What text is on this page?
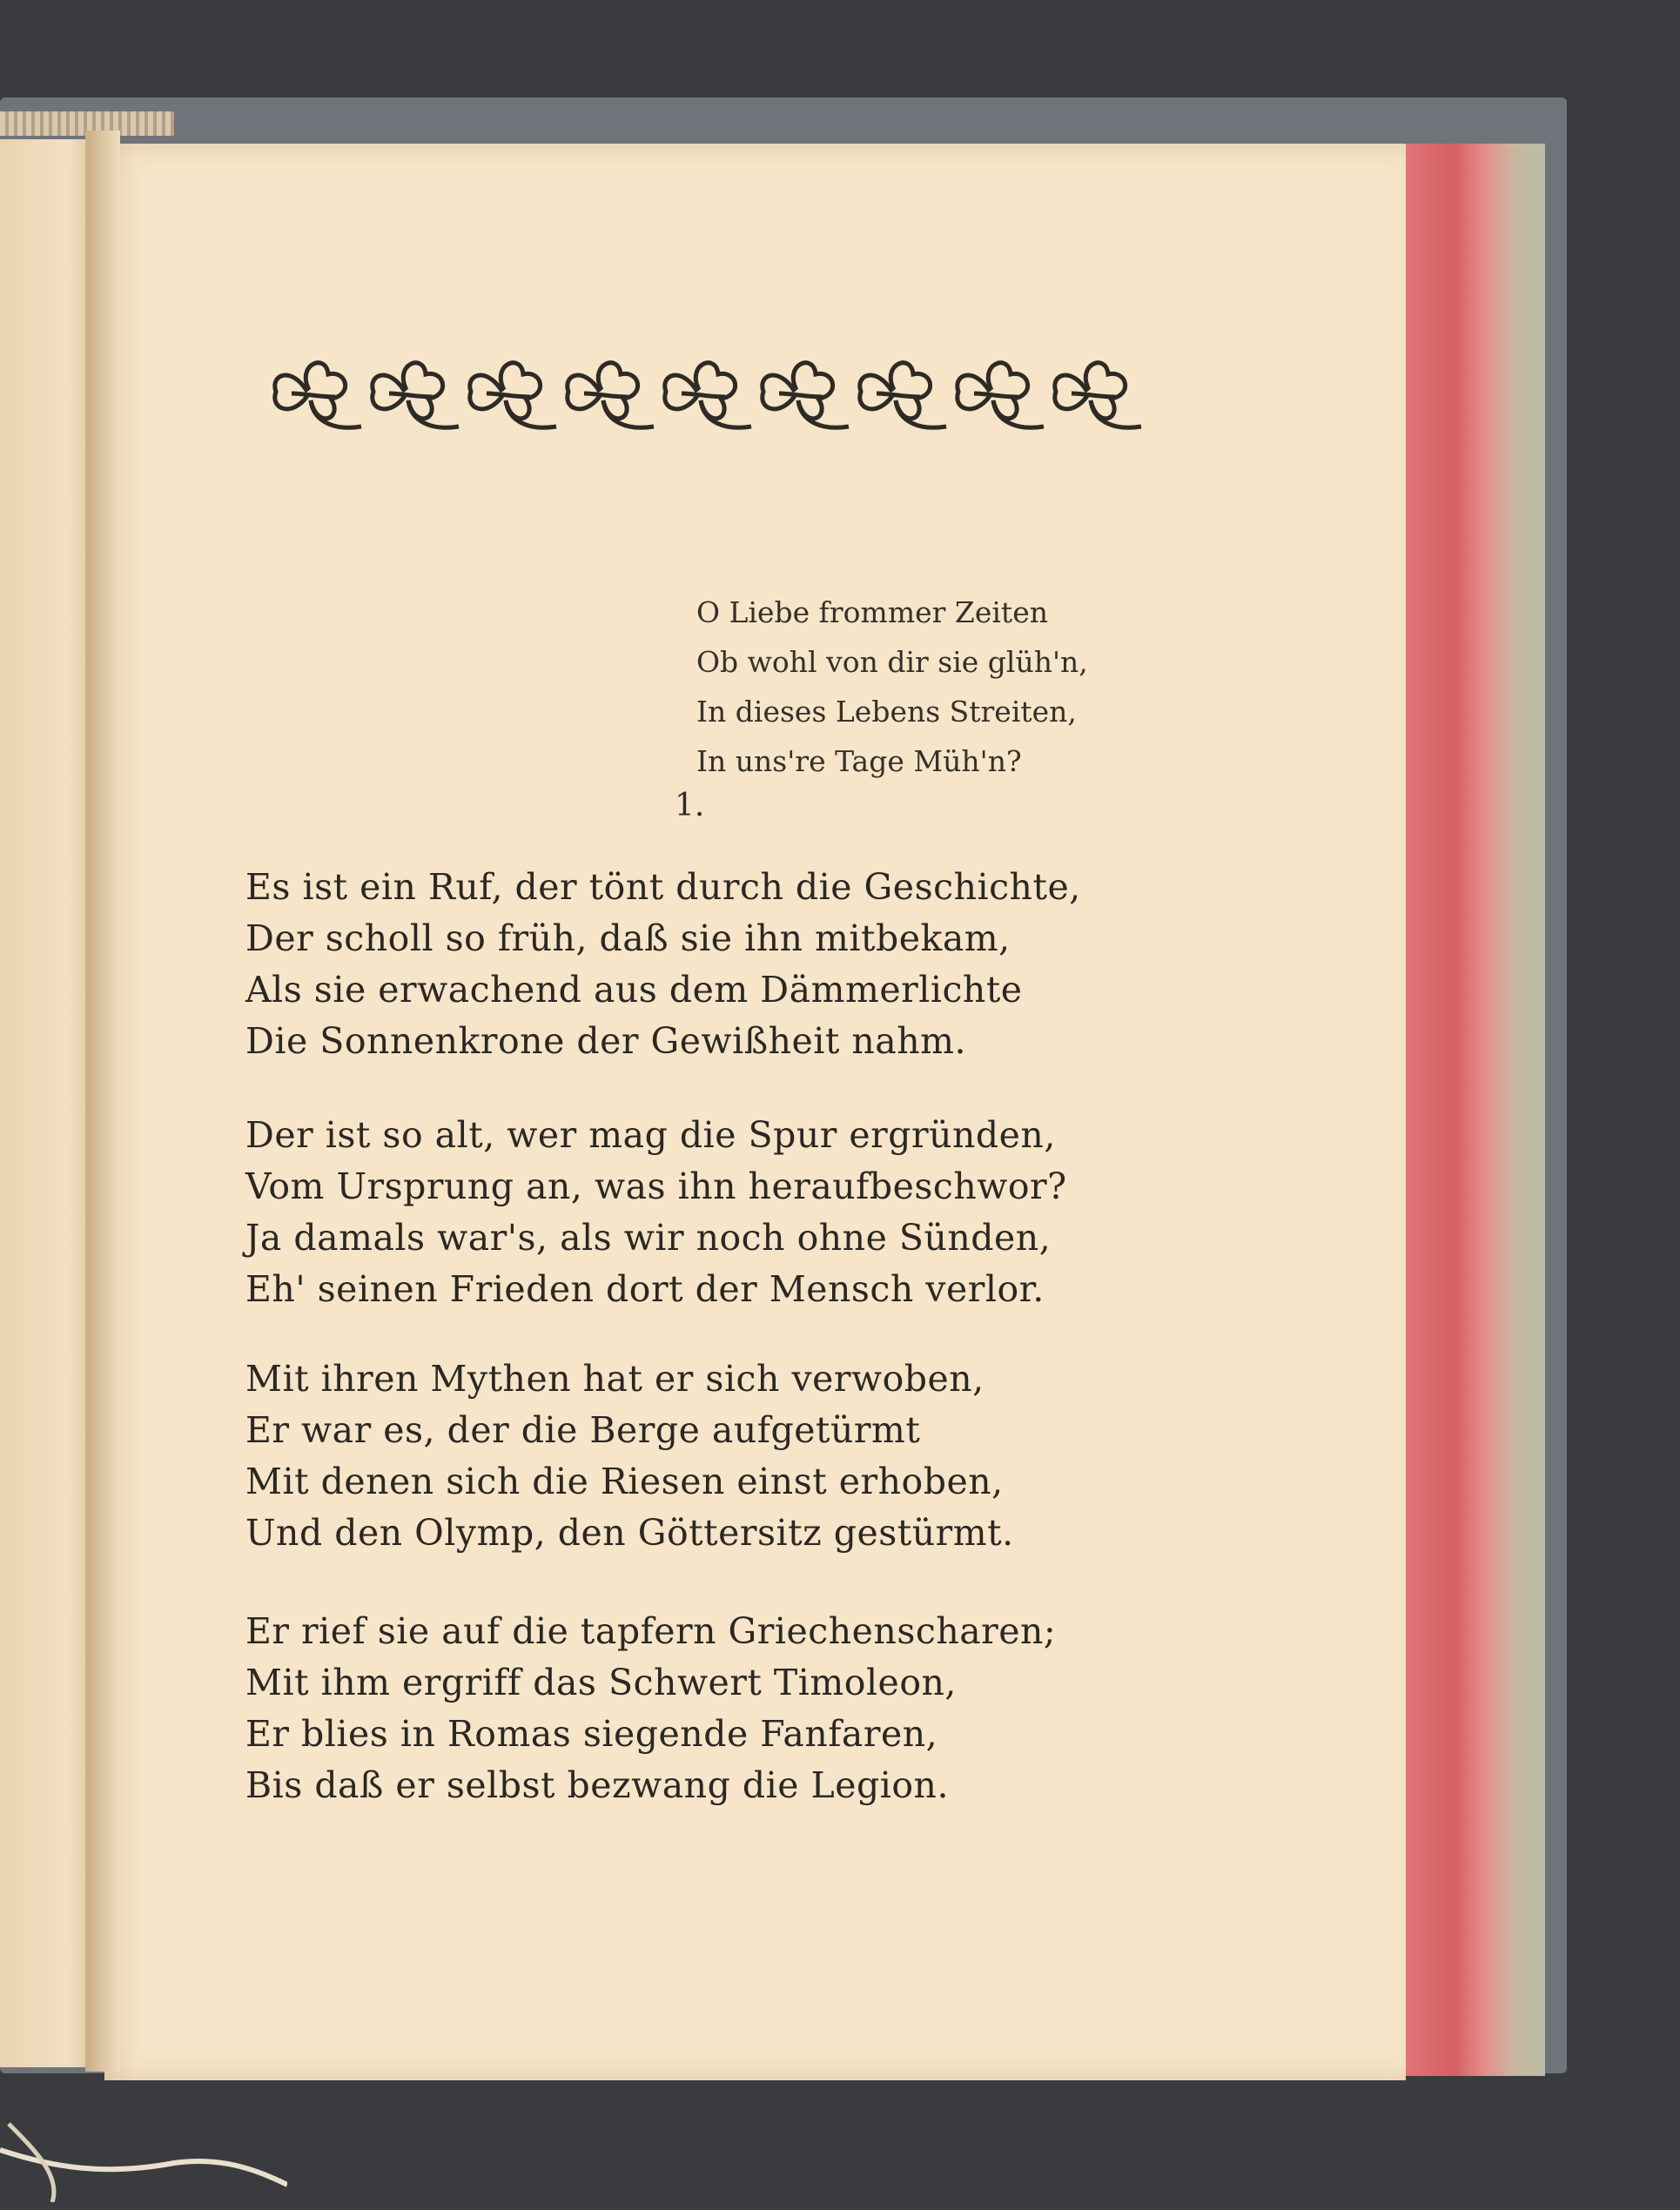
O Liebe frommer Zeiten
Ob wohl von dir sie glüh'n,
In dieses Lebens Streiten,
In uns're Tage Müh'n?
1.
Es ist ein Ruf, der tönt durch die Geschichte,
Der scholl so früh, daß sie ihn mitbekam,
Als sie erwachend aus dem Dämmerlichte
Die Sonnenkrone der Gewißheit nahm.
Der ist so alt, wer mag die Spur ergründen,
Vom Ursprung an, was ihn heraufbeschwor?
Ja damals war's, als wir noch ohne Sünden,
Eh' seinen Frieden dort der Mensch verlor.
Mit ihren Mythen hat er sich verwoben,
Er war es, der die Berge aufgetürmt
Mit denen sich die Riesen einst erhoben,
Und den Olymp, den Göttersitz gestürmt.
Er rief sie auf die tapfern Griechenscharen;
Mit ihm ergriff das Schwert Timoleon,
Er blies in Romas siegende Fanfaren,
Bis daß er selbst bezwang die Legion.
